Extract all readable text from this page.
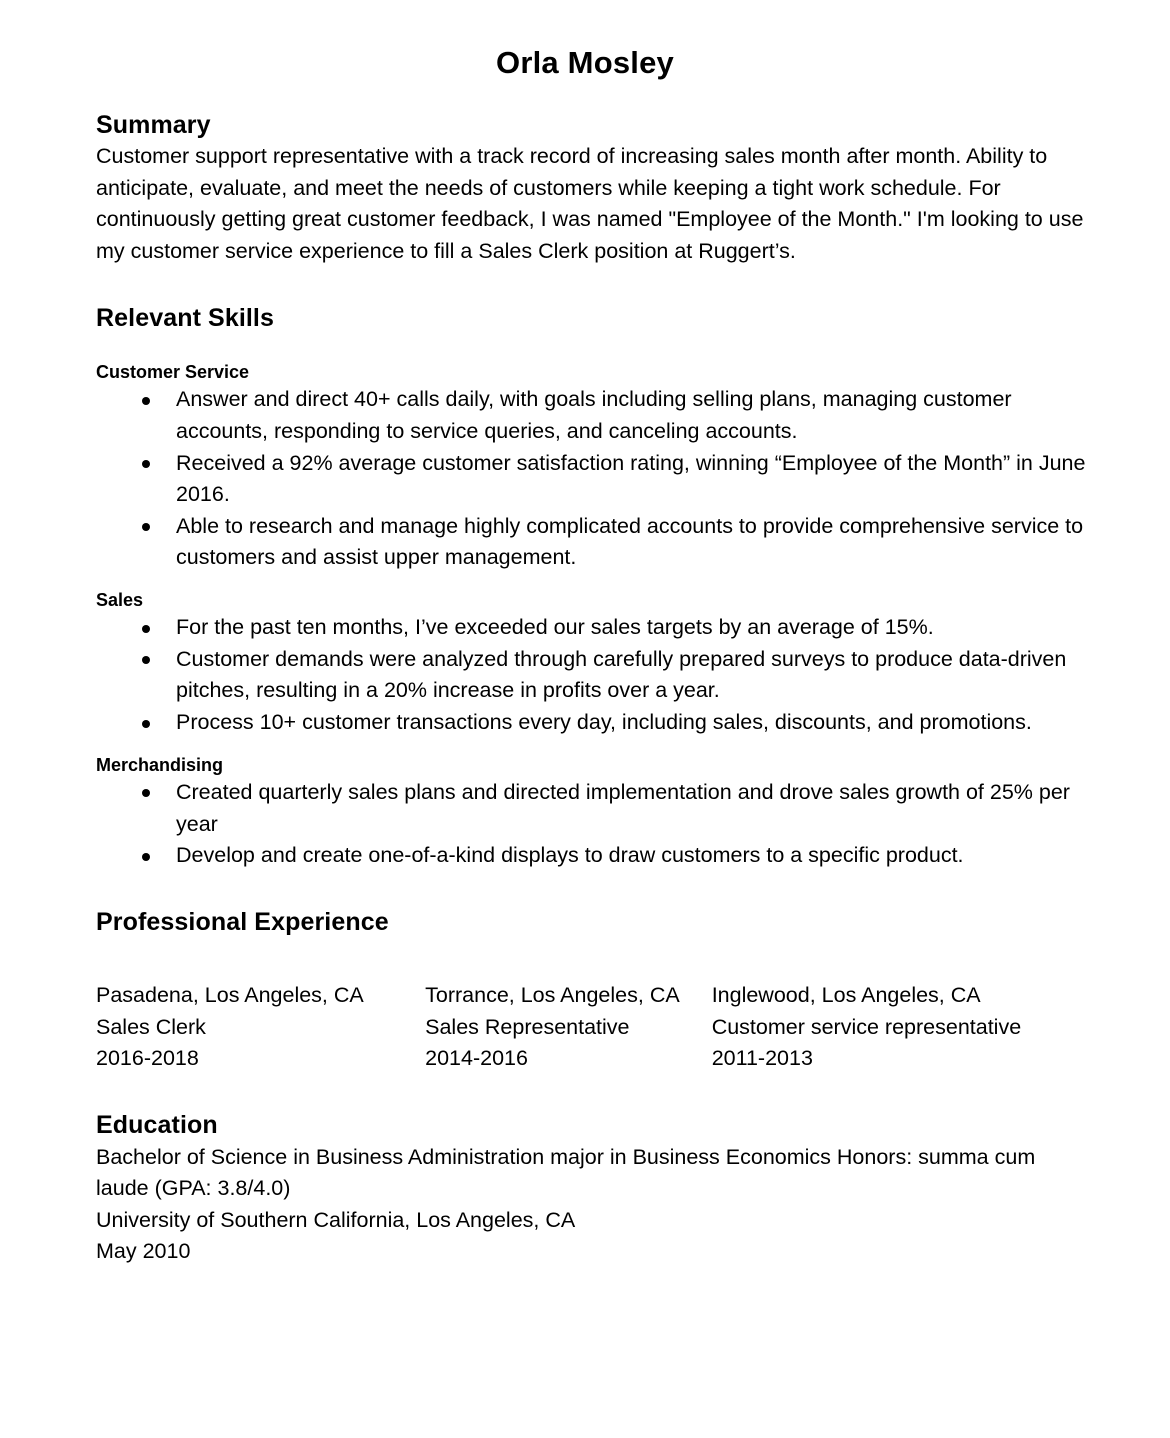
Orla Mosley
Summary

Customer support representative with a track record of increasing sales month after month. Ability to anticipate, evaluate, and meet the needs of customers while keeping a tight work schedule. For continuously getting great customer feedback, I was named "Employee of the Month." I'm looking to use my customer service experience to fill a Sales Clerk position at Ruggert’s.

Relevant Skills
Customer Service
Answer and direct 40+ calls daily, with goals including selling plans, managing customer accounts, responding to service queries, and canceling accounts.
Received a 92% average customer satisfaction rating, winning “Employee of the Month” in June 2016.
Able to research and manage highly complicated accounts to provide comprehensive service to customers and assist upper management.
Sales
For the past ten months, I’ve exceeded our sales targets by an average of 15%.
Customer demands were analyzed through carefully prepared surveys to produce data-driven pitches, resulting in a 20% increase in profits over a year.
Process 10+ customer transactions every day, including sales, discounts, and promotions.
Merchandising
Created quarterly sales plans and directed implementation and drove sales growth of 25% per year
Develop and create one-of-a-kind displays to draw customers to a specific product.
Professional Experience
Pasadena, Los Angeles, CA
Sales Clerk
2016-2018
Torrance, Los Angeles, CA
Sales Representative
2014-2016
Inglewood, Los Angeles, CA
Customer service representative
2011-2013
Education
Bachelor of Science in Business Administration major in Business Economics Honors: summa cum laude (GPA: 3.8/4.0)
University of Southern California, Los Angeles, CA
May 2010
